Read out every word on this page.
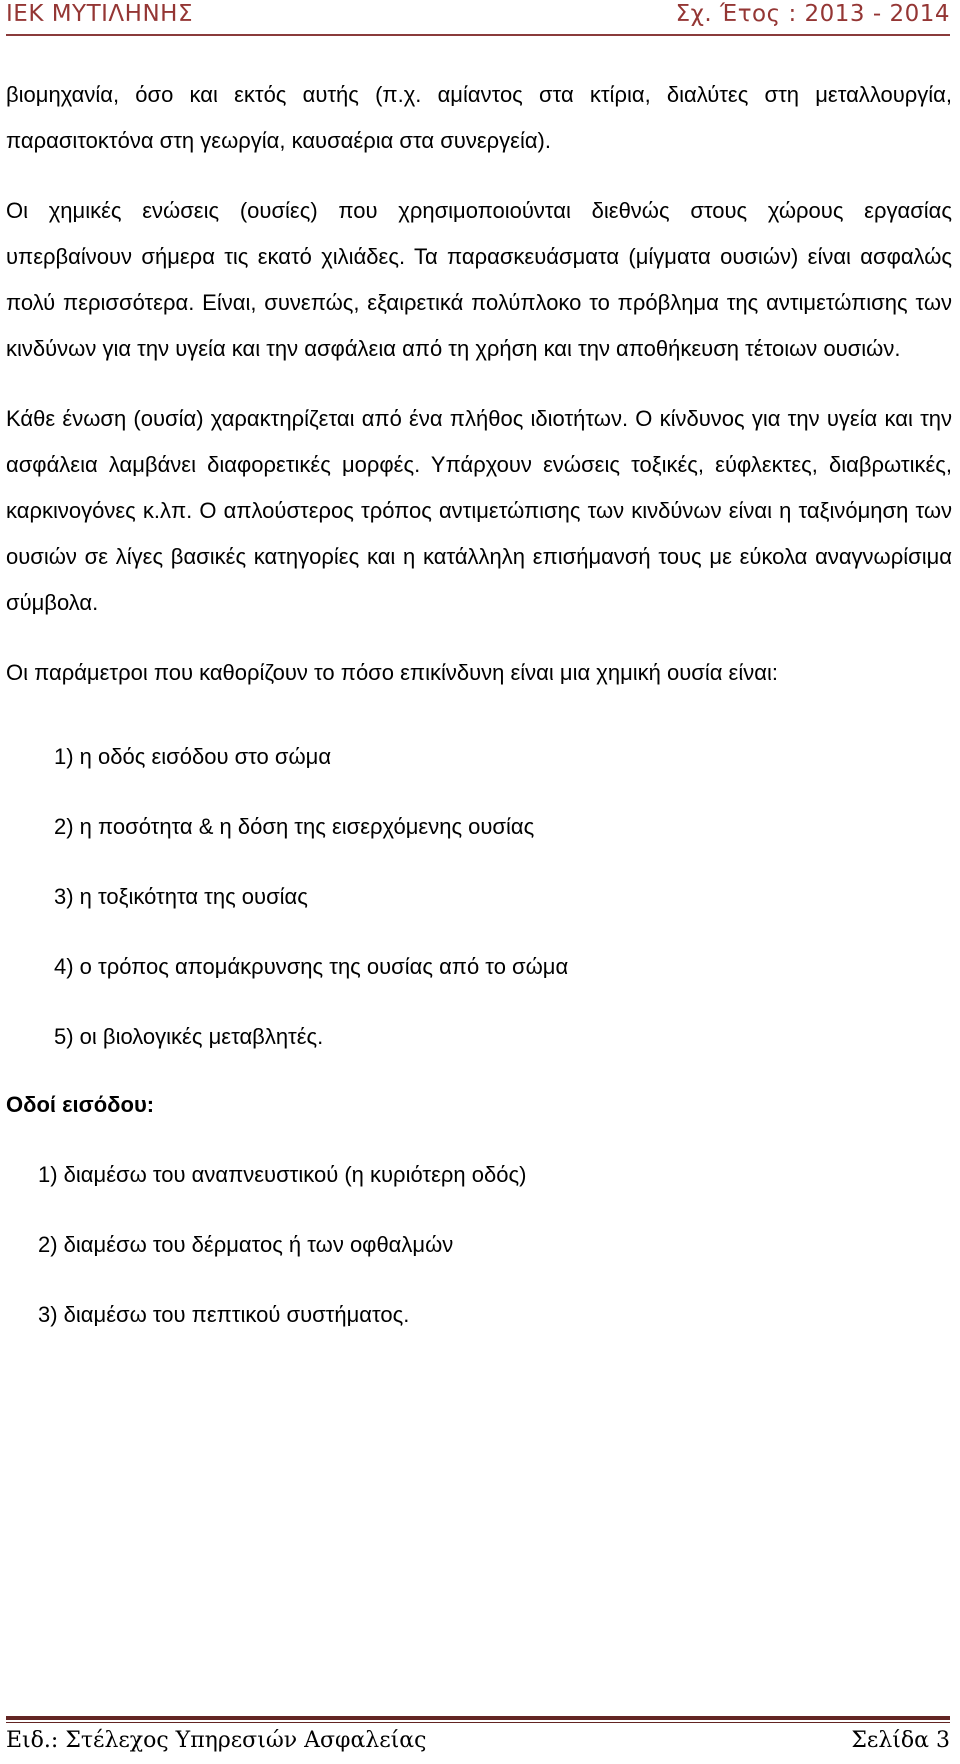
ΙΕΚ ΜΥΤΙΛΗΝΗΣ	Σχ. Έτος : 2013 - 2014

βιομηχανία, όσο και εκτός αυτής (π.χ. αμίαντος στα κτίρια, διαλύτες στη μεταλλουργία, παρασιτοκτόνα στη γεωργία, καυσαέρια στα συνεργεία).

Οι χημικές ενώσεις (ουσίες) που χρησιμοποιούνται διεθνώς στους χώρους εργασίας υπερβαίνουν σήμερα τις εκατό χιλιάδες. Τα παρασκευάσματα (μίγματα ουσιών) είναι ασφαλώς πολύ περισσότερα. Είναι, συνεπώς, εξαιρετικά πολύπλοκο το πρόβλημα της αντιμετώπισης των κινδύνων για την υγεία και την ασφάλεια από τη χρήση και την αποθήκευση τέτοιων ουσιών.

Κάθε ένωση (ουσία) χαρακτηρίζεται από ένα πλήθος ιδιοτήτων. Ο κίνδυνος για την υγεία και την ασφάλεια λαμβάνει διαφορετικές μορφές. Υπάρχουν ενώσεις τοξικές, εύφλεκτες, διαβρωτικές, καρκινογόνες κ.λπ. Ο απλούστερος τρόπος αντιμετώπισης των κινδύνων είναι η ταξινόμηση των ουσιών σε λίγες βασικές κατηγορίες και η κατάλληλη επισήμανσή τους με εύκολα αναγνωρίσιμα σύμβολα.

Οι παράμετροι που καθορίζουν το πόσο επικίνδυνη είναι μια χημική ουσία είναι:

1) η οδός εισόδου στο σώμα

2) η ποσότητα & η δόση της εισερχόμενης ουσίας

3) η τοξικότητα της ουσίας

4) ο τρόπος απομάκρυνσης της ουσίας από το σώμα

5) οι βιολογικές μεταβλητές.

Οδοί εισόδου:

1) διαμέσω του αναπνευστικού (η κυριότερη οδός)

2) διαμέσω του δέρματος ή των οφθαλμών

3) διαμέσω του πεπτικού συστήματος.

Ειδ.: Στέλεχος Υπηρεσιών Ασφαλείας	Σελίδα 3
